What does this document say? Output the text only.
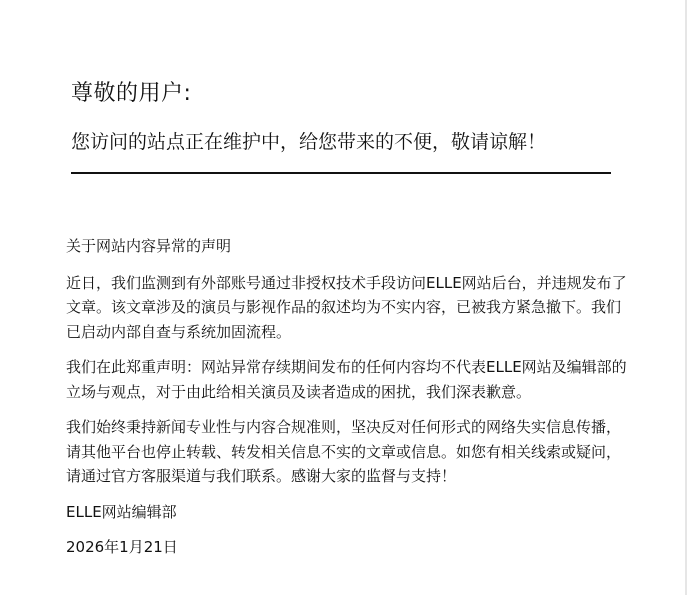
尊敬的用户:

您访问的站点正在维护中，给您带来的不便，敬请谅解！

关于网站内容异常的声明

近日，我们监测到有外部账号通过非授权技术手段访问ELLE网站后台，并违规发布了文章。该文章涉及的演员与影视作品的叙述均为不实内容，已被我方紧急撤下。我们已启动内部自查与系统加固流程。

我们在此郑重声明：网站异常存续期间发布的任何内容均不代表ELLE网站及编辑部的立场与观点，对于由此给相关演员及读者造成的困扰，我们深表歉意。

我们始终秉持新闻专业性与内容合规准则，坚决反对任何形式的网络失实信息传播，请其他平台也停止转载、转发相关信息不实的文章或信息。如您有相关线索或疑问，请通过官方客服渠道与我们联系。感谢大家的监督与支持！

ELLE网站编辑部

2026年1月21日
